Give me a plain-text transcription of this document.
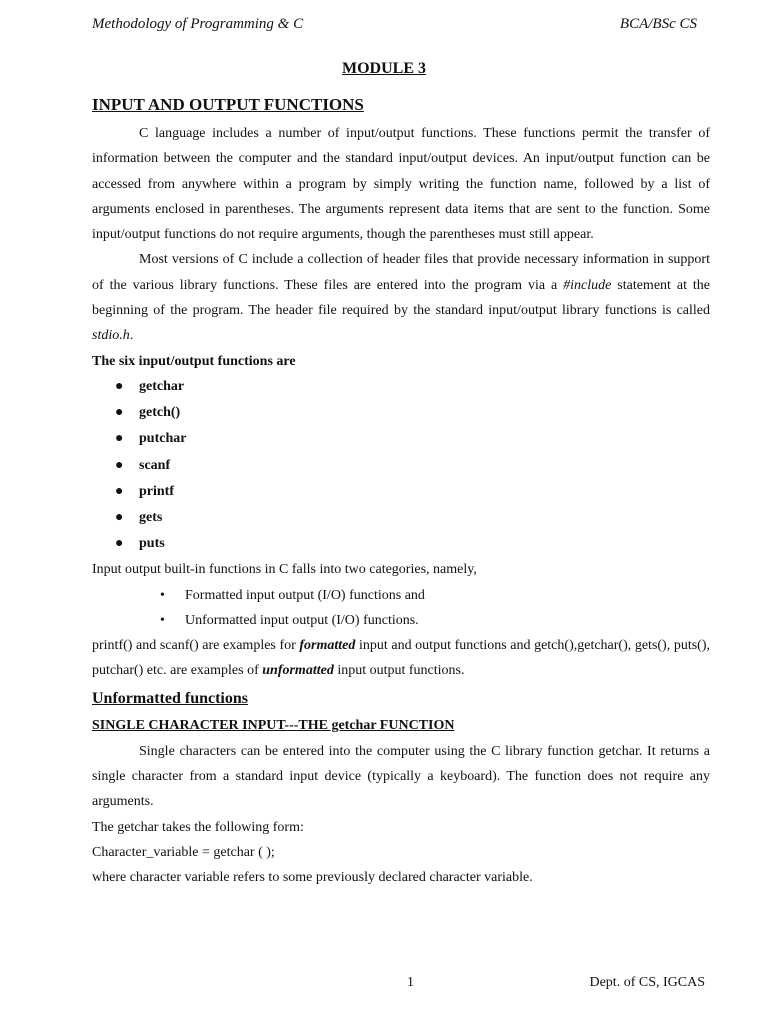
Methodology of Programming & C	BCA/BSc CS
MODULE 3
INPUT AND OUTPUT FUNCTIONS

C language includes a number of input/output functions. These functions permit the transfer of information between the computer and the standard input/output devices. An input/output function can be accessed from anywhere within a program by simply writing the function name, followed by a list of arguments enclosed in parentheses. The arguments represent data items that are sent to the function. Some input/output functions do not require arguments, though the parentheses must still appear.

Most versions of C include a collection of header files that provide necessary information in support of the various library functions. These files are entered into the program via a #include statement at the beginning of the program. The header file required by the standard input/output library functions is called stdio.h.

The six input/output functions are

● getchar
● getch()
● putchar
● scanf
● printf
● gets
● puts

Input output built-in functions in C falls into two categories, namely,

• Formatted input output (I/O) functions and
• Unformatted input output (I/O) functions.

printf() and scanf() are examples for formatted input and output functions and getch(),getchar(), gets(), puts(), putchar() etc. are examples of unformatted input output functions.

Unformatted functions
SINGLE CHARACTER INPUT---THE getchar FUNCTION

Single characters can be entered into the computer using the C library function getchar. It returns a single character from a standard input device (typically a keyboard). The function does not require any arguments.

The getchar takes the following form:

Character_variable = getchar ( );

where character variable refers to some previously declared character variable.

1	Dept. of CS, IGCAS
